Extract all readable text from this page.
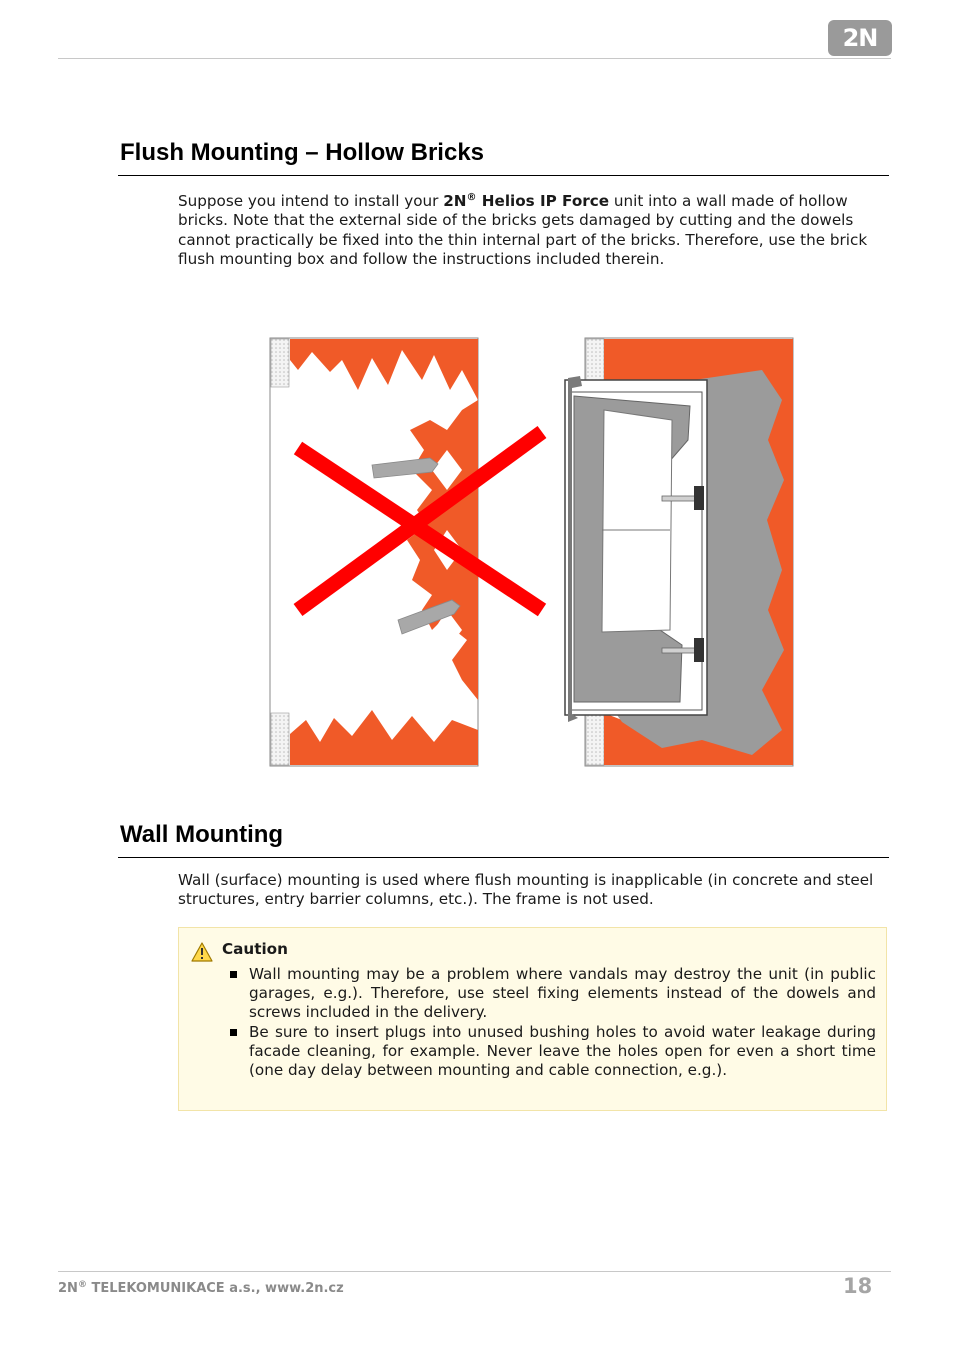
2N
Flush Mounting – Hollow Bricks

Suppose you intend to install your 2N® Helios IP Force unit into a wall made of hollow bricks. Note that the external side of the bricks gets damaged by cutting and the dowels cannot practically be fixed into the thin internal part of the bricks. Therefore, use the brick flush mounting box and follow the instructions included therein.

Wall Mounting

Wall (surface) mounting is used where flush mounting is inapplicable (in concrete and steel structures, entry barrier columns, etc.). The frame is not used.

Caution
Wall mounting may be a problem where vandals may destroy the unit (in public garages, e.g.). Therefore, use steel fixing elements instead of the dowels and screws included in the delivery.
Be sure to insert plugs into unused bushing holes to avoid water leakage during facade cleaning, for example. Never leave the holes open for even a short time (one day delay between mounting and cable connection, e.g.).
2N® TELEKOMUNIKACE a.s., www.2n.cz	18
